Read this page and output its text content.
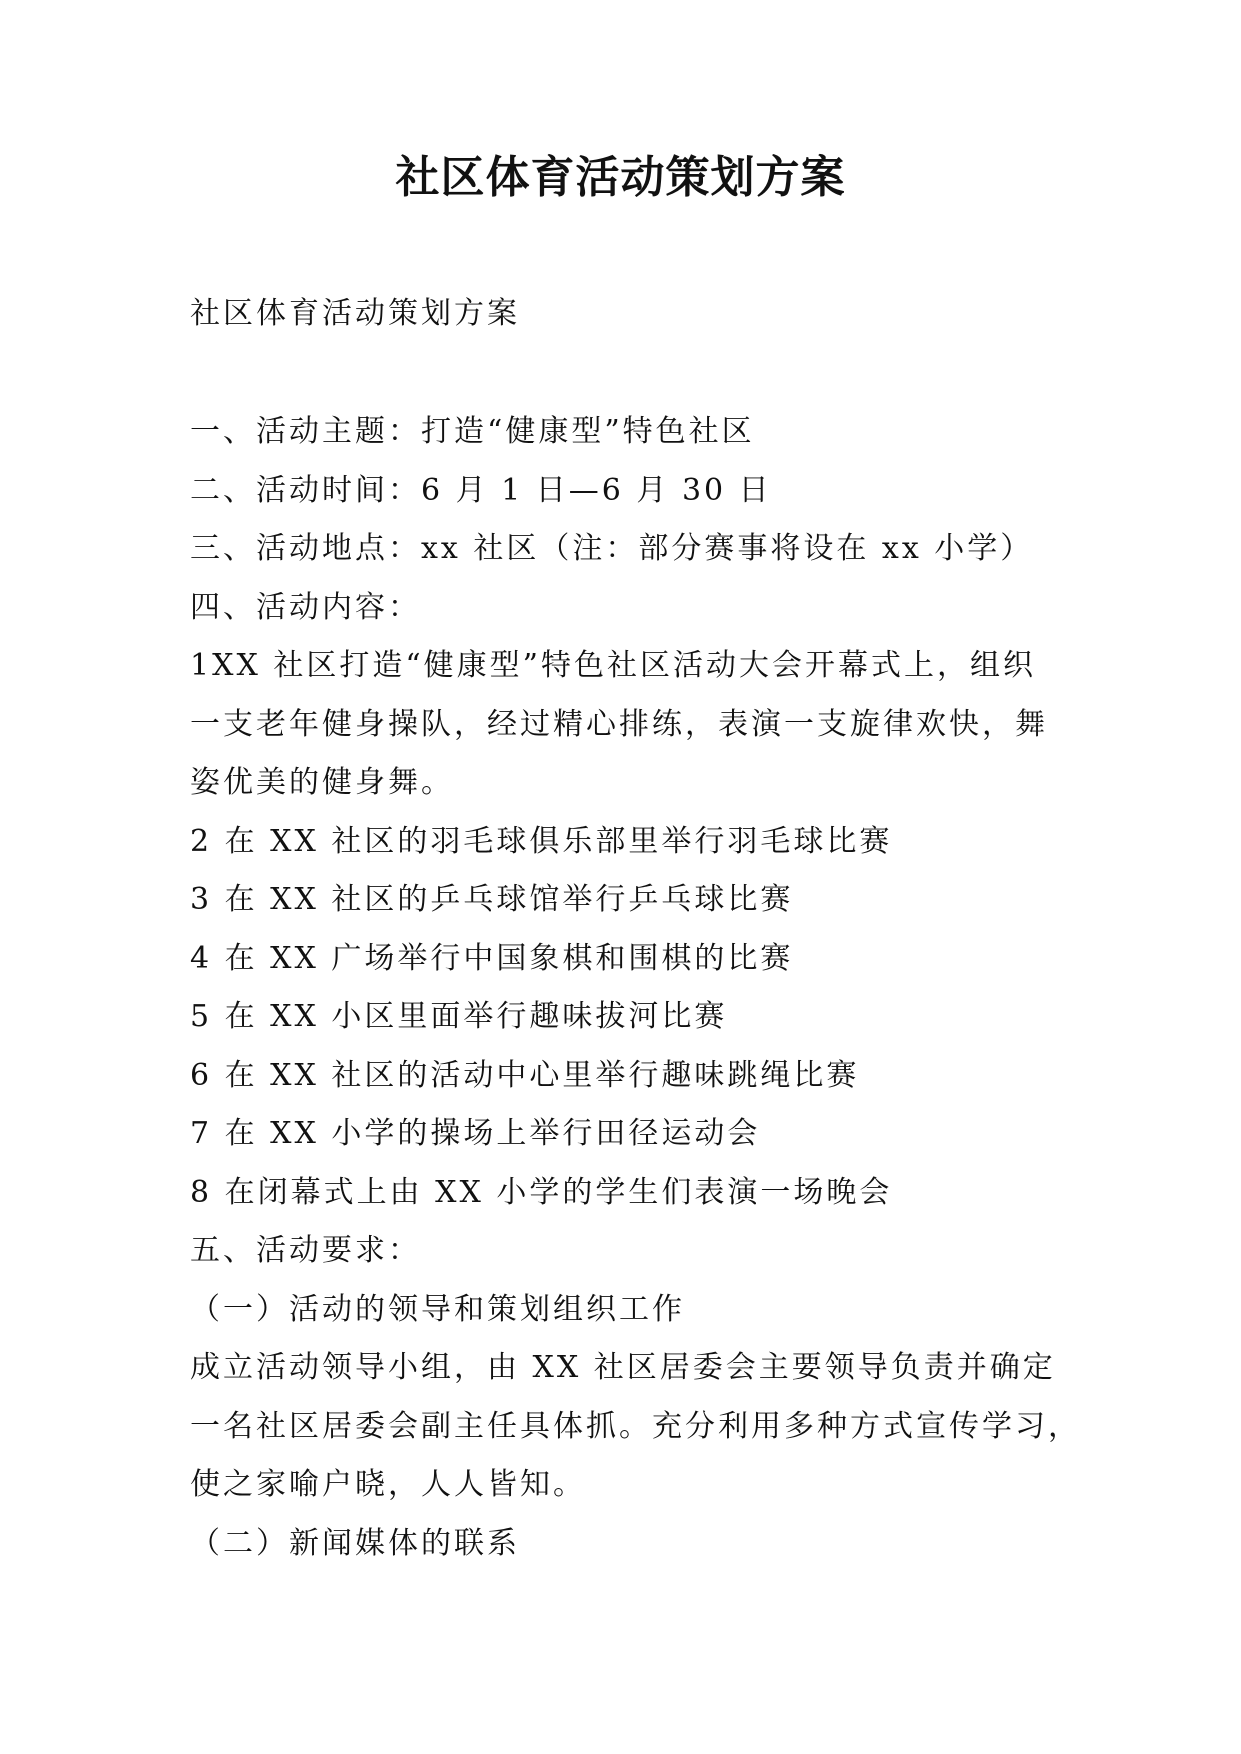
社区体育活动策划方案

社区体育活动策划方案

一、活动主题：打造“健康型”特色社区

二、活动时间：6 月 1 日—6 月 30 日

三、活动地点：xx 社区（注：部分赛事将设在 xx 小学）

四、活动内容：

1XX 社区打造“健康型”特色社区活动大会开幕式上，组织

一支老年健身操队，经过精心排练，表演一支旋律欢快，舞

姿优美的健身舞。

2 在 XX 社区的羽毛球俱乐部里举行羽毛球比赛

3 在 XX 社区的乒乓球馆举行乒乓球比赛

4 在 XX 广场举行中国象棋和围棋的比赛

5 在 XX 小区里面举行趣味拔河比赛

6 在 XX 社区的活动中心里举行趣味跳绳比赛

7 在 XX 小学的操场上举行田径运动会

8 在闭幕式上由 XX 小学的学生们表演一场晚会

五、活动要求：

（一）活动的领导和策划组织工作

成立活动领导小组，由 XX 社区居委会主要领导负责并确定

一名社区居委会副主任具体抓。充分利用多种方式宣传学习，

使之家喻户晓，人人皆知。

（二）新闻媒体的联系
